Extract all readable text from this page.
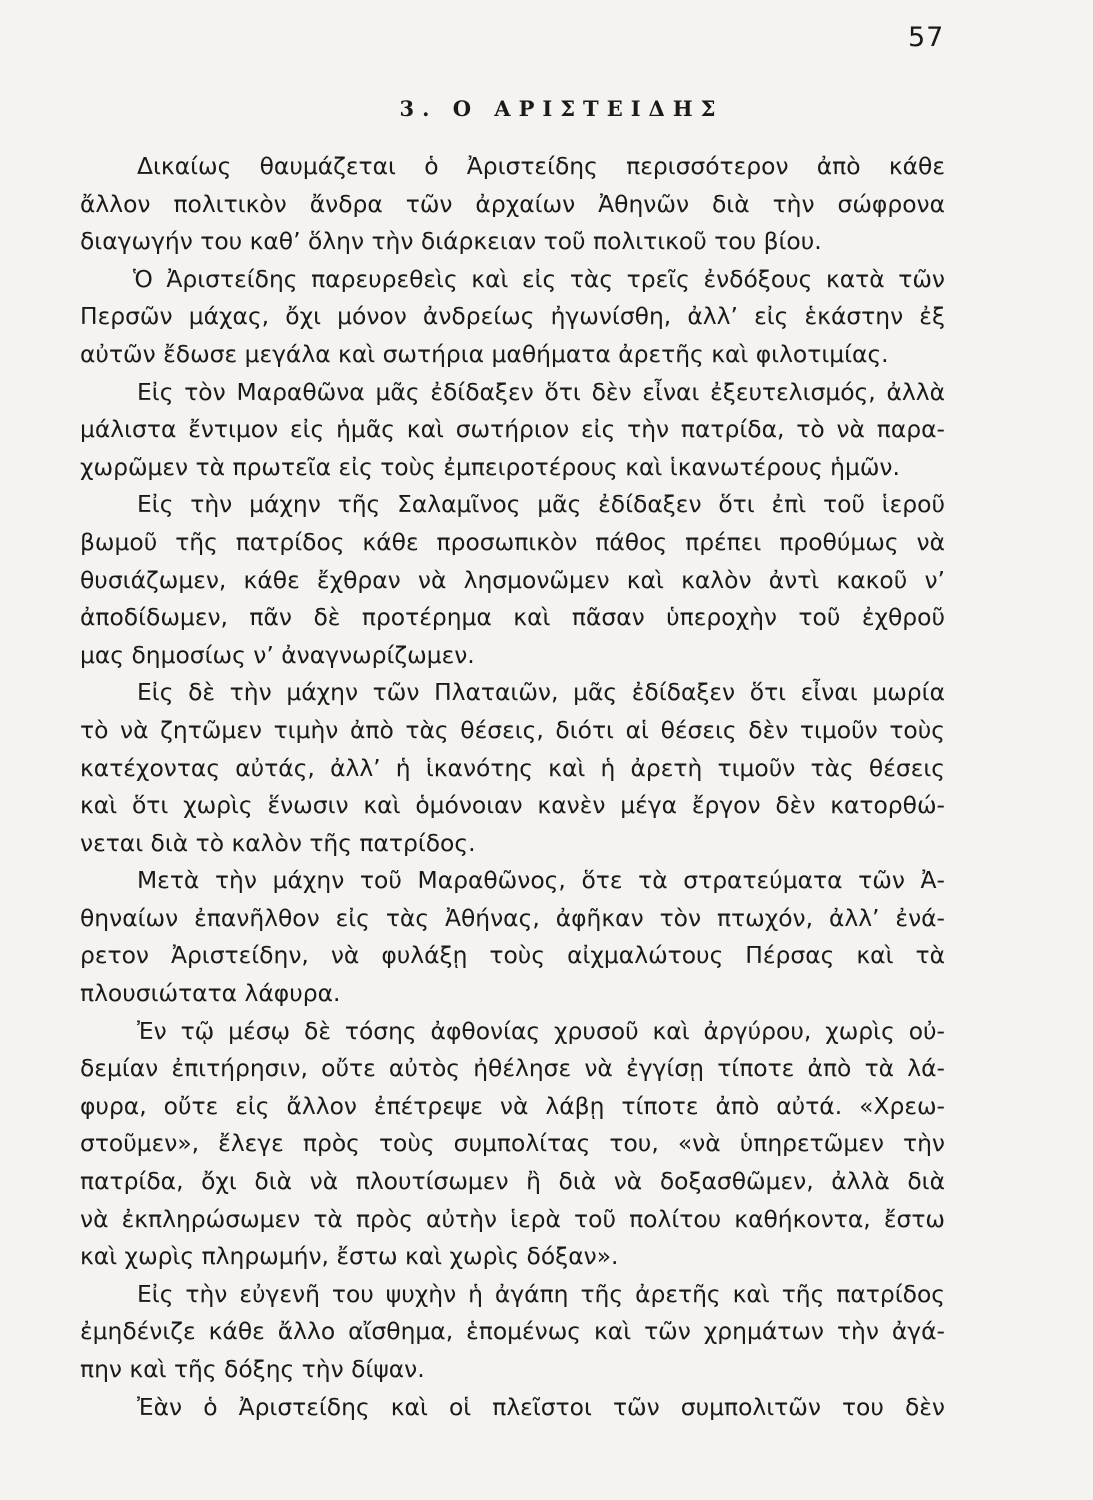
57
3. Ο ΑΡΙΣΤΕΙΔΗΣ
Δικαίως θαυμάζεται ὁ Ἀριστείδης περισσότερον ἀπὸ κάθε
ἄλλον πολιτικὸν ἄνδρα τῶν ἀρχαίων Ἀθηνῶν διὰ τὴν σώφρονα
διαγωγήν του καθ’ ὅλην τὴν διάρκειαν τοῦ πολιτικοῦ του βίου.
Ὁ Ἀριστείδης παρευρεθεὶς καὶ εἰς τὰς τρεῖς ἐνδόξους κατὰ τῶν
Περσῶν μάχας, ὄχι μόνον ἀνδρείως ἠγωνίσθη, ἀλλ’ εἰς ἑκάστην ἐξ
αὐτῶν ἔδωσε μεγάλα καὶ σωτήρια μαθήματα ἀρετῆς καὶ φιλοτιμίας.
Εἰς τὸν Μαραθῶνα μᾶς ἐδίδαξεν ὅτι δὲν εἶναι ἐξευτελισμός, ἀλλὰ
μάλιστα ἔντιμον εἰς ἡμᾶς καὶ σωτήριον εἰς τὴν πατρίδα, τὸ νὰ παρα-
χωρῶμεν τὰ πρωτεῖα εἰς τοὺς ἐμπειροτέρους καὶ ἱκανωτέρους ἡμῶν.
Εἰς τὴν μάχην τῆς Σαλαμῖνος μᾶς ἐδίδαξεν ὅτι ἐπὶ τοῦ ἱεροῦ
βωμοῦ τῆς πατρίδος κάθε προσωπικὸν πάθος πρέπει προθύμως νὰ
θυσιάζωμεν, κάθε ἔχθραν νὰ λησμονῶμεν καὶ καλὸν ἀντὶ κακοῦ ν’
ἀποδίδωμεν, πᾶν δὲ προτέρημα καὶ πᾶσαν ὑπεροχὴν τοῦ ἐχθροῦ
μας δημοσίως ν’ ἀναγνωρίζωμεν.
Εἰς δὲ τὴν μάχην τῶν Πλαταιῶν, μᾶς ἐδίδαξεν ὅτι εἶναι μωρία
τὸ νὰ ζητῶμεν τιμὴν ἀπὸ τὰς θέσεις, διότι αἱ θέσεις δὲν τιμοῦν τοὺς
κατέχοντας αὐτάς, ἀλλ’ ἡ ἱκανότης καὶ ἡ ἀρετὴ τιμοῦν τὰς θέσεις
καὶ ὅτι χωρὶς ἕνωσιν καὶ ὁμόνοιαν κανὲν μέγα ἔργον δὲν κατορθώ-
νεται διὰ τὸ καλὸν τῆς πατρίδος.
Μετὰ τὴν μάχην τοῦ Μαραθῶνος, ὅτε τὰ στρατεύματα τῶν Ἀ-
θηναίων ἐπανῆλθον εἰς τὰς Ἀθήνας, ἀφῆκαν τὸν πτωχόν, ἀλλ’ ἐνά-
ρετον Ἀριστείδην, νὰ φυλάξῃ τοὺς αἰχμαλώτους Πέρσας καὶ τὰ
πλουσιώτατα λάφυρα.
Ἐν τῷ μέσῳ δὲ τόσης ἀφθονίας χρυσοῦ καὶ ἀργύρου, χωρὶς οὐ-
δεμίαν ἐπιτήρησιν, οὔτε αὐτὸς ἠθέλησε νὰ ἐγγίσῃ τίποτε ἀπὸ τὰ λά-
φυρα, οὔτε εἰς ἄλλον ἐπέτρεψε νὰ λάβῃ τίποτε ἀπὸ αὐτά. «Χρεω-
στοῦμεν», ἔλεγε πρὸς τοὺς συμπολίτας του, «νὰ ὑπηρετῶμεν τὴν
πατρίδα, ὄχι διὰ νὰ πλουτίσωμεν ἢ διὰ νὰ δοξασθῶμεν, ἀλλὰ διὰ
νὰ ἐκπληρώσωμεν τὰ πρὸς αὐτὴν ἱερὰ τοῦ πολίτου καθήκοντα, ἔστω
καὶ χωρὶς πληρωμήν, ἔστω καὶ χωρὶς δόξαν».
Εἰς τὴν εὐγενῆ του ψυχὴν ἡ ἀγάπη τῆς ἀρετῆς καὶ τῆς πατρίδος
ἐμηδένιζε κάθε ἄλλο αἴσθημα, ἑπομένως καὶ τῶν χρημάτων τὴν ἀγά-
πην καὶ τῆς δόξης τὴν δίψαν.
Ἐὰν ὁ Ἀριστείδης καὶ οἱ πλεῖστοι τῶν συμπολιτῶν του δὲν
